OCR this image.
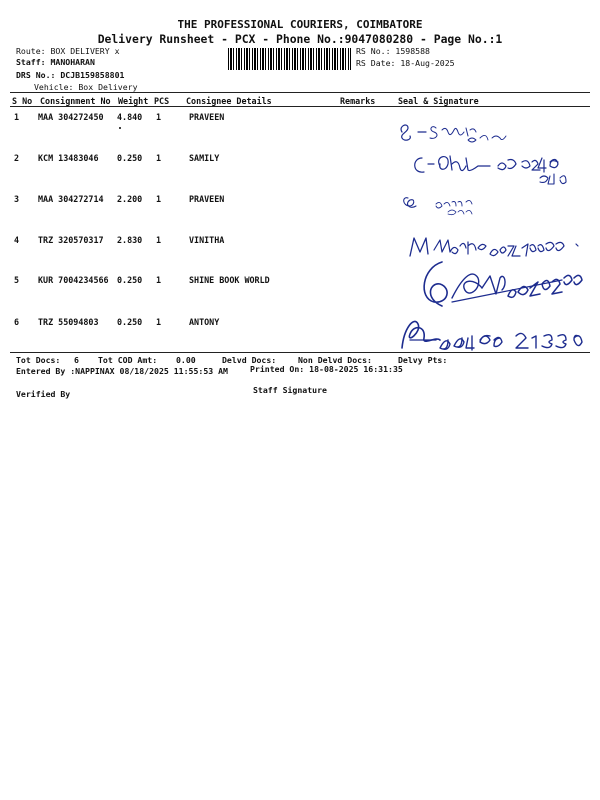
THE PROFESSIONAL COURIERS, COIMBATORE
Delivery Runsheet - PCX - Phone No.:9047080280 - Page No.:1
Route: BOX DELIVERY x
Staff: MANOHARAN
DRS No.: DCJB159858801
Vehicle: Box Delivery
RS No.: 1598588
RS Date: 18-Aug-2025
S No Consignment No Weight PCS Consignee Details	Remarks	Seal & Signature
1 MAA 304272450 4.840 1	PRAVEEN
2 KCM 13483046 0.250 1	SAMILY
3 MAA 304272714 2.200 1	PRAVEEN
4 TRZ 320570317 2.830 1	VINITHA
5 KUR 7004234566 0.250 1	SHINE BOOK WORLD
6 TRZ 55094803 0.250 1	ANTONY
Tot Docs: 6 Tot COD Amt: 0.00	Delvd Docs:	Non Delvd Docs:	Delvy Pts:
Entered By :NAPPINAX 08/18/2025 11:55:53 AM	Printed On: 18-08-2025 16:31:35
Verified By	Staff Signature
